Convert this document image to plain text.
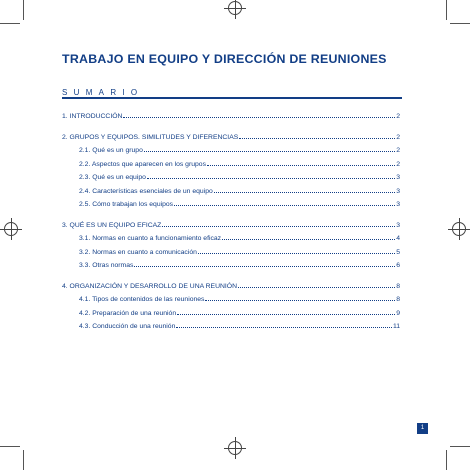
TRABAJO EN EQUIPO Y DIRECCIÓN DE REUNIONES
SUMARIO
1. INTRODUCCIÓN	2
2. GRUPOS Y EQUIPOS. SIMILITUDES Y DIFERENCIAS	2
2.1. Qué es un grupo	2
2.2. Aspectos que aparecen en los grupos	2
2.3. Qué es un equipo	3
2.4. Características esenciales de un equipo	3
2.5. Cómo trabajan los equipos	3
3. QUÉ ES UN EQUIPO EFICAZ	3
3.1. Normas en cuanto a funcionamiento eficaz	4
3.2. Normas en cuanto a comunicación	5
3.3. Otras normas	6
4. ORGANIZACIÓN Y DESARROLLO DE UNA REUNIÓN	8
4.1. Tipos de contenidos de las reuniones	8
4.2. Preparación de una reunión	9
4.3. Conducción de una reunión	11
1
